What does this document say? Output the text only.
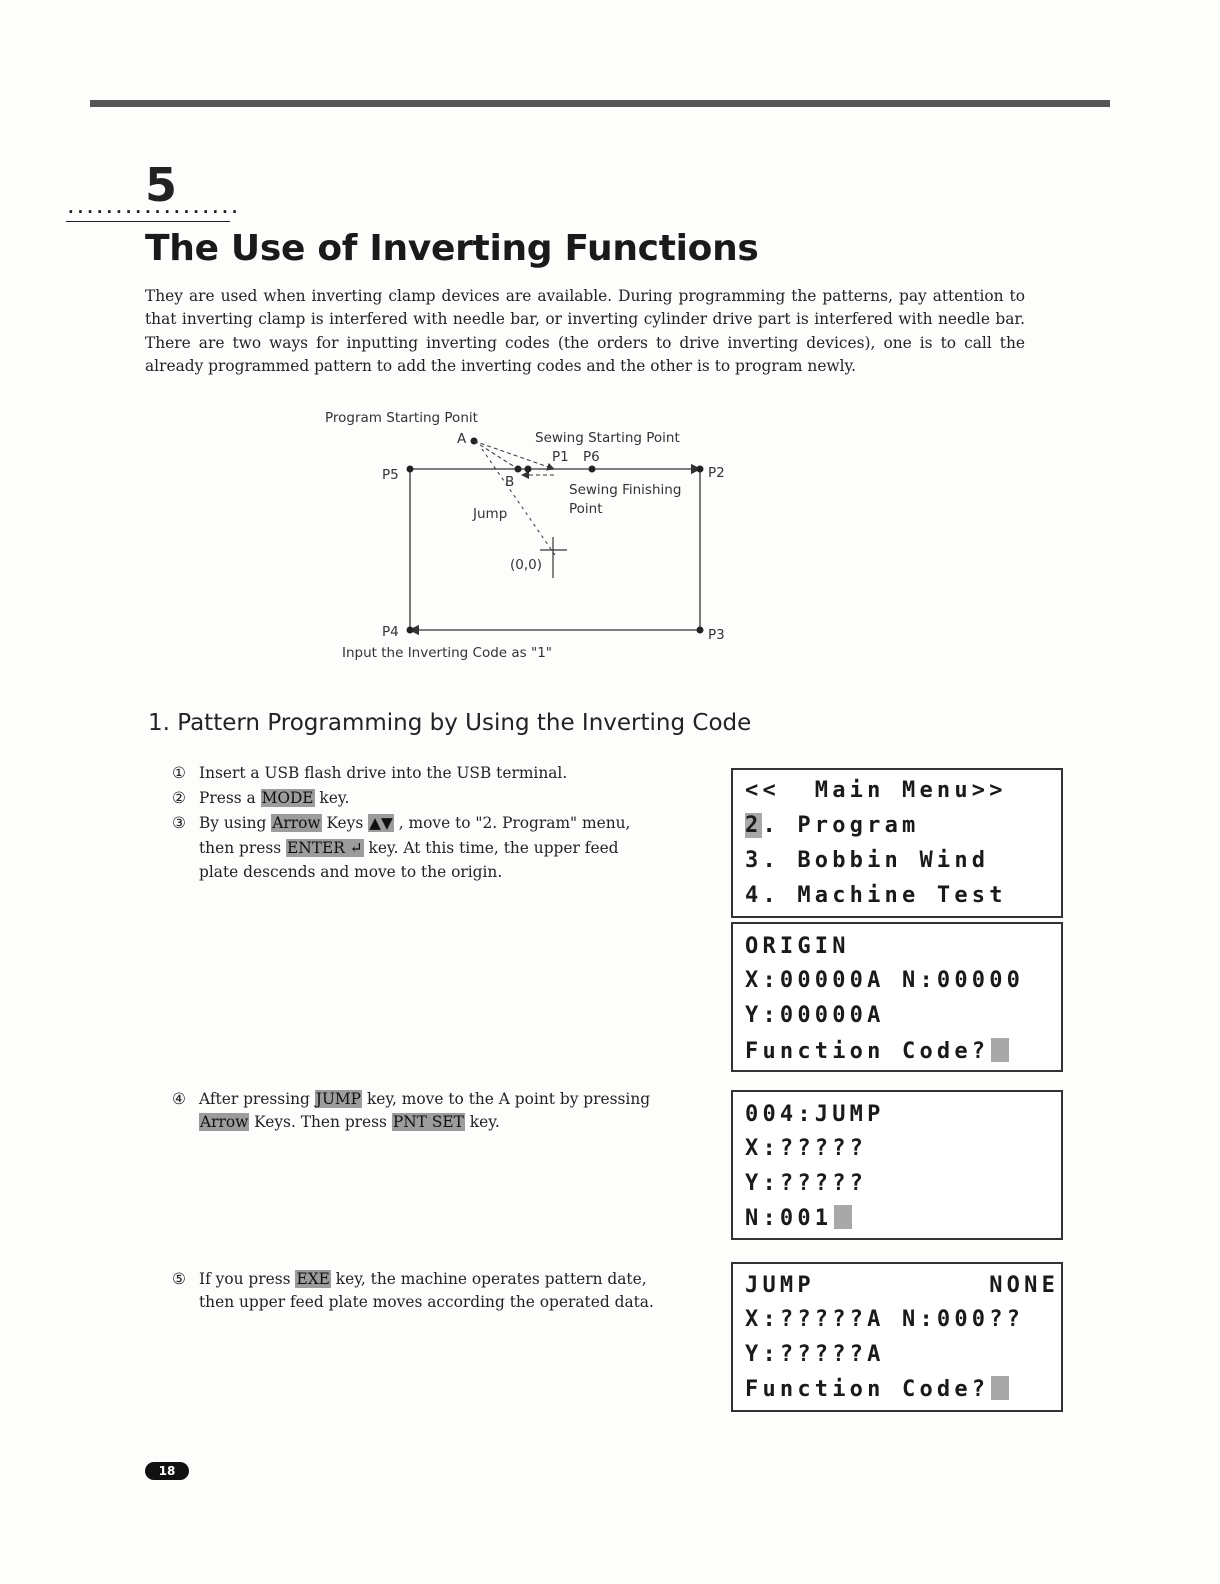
5
..................
The Use of Inverting Functions

They are used when inverting clamp devices are available. During programming the patterns, pay attention to that inverting clamp is interfered with needle bar, or inverting cylinder drive part is interfered with needle bar. There are two ways for inputting inverting codes (the orders to drive inverting devices), one is to call the already programmed pattern to add the inverting codes and the other is to program newly.

Program Starting Ponit
A	Sewing Starting Point
P1 P6
P5	P2
B	Sewing Finishing
Point
Jump
(0,0)
P4	P3
Input the Inverting Code as "1"
1. Pattern Programming by Using the Inverting Code
① Insert a USB flash drive into the USB terminal.
② Press a MODE key.
③ By using Arrow Keys ▲▼ , move to "2. Program" menu, then press ENTER ↵ key. At this time, the upper feed plate descends and move to the origin.
④ After pressing JUMP key, move to the A point by pressing Arrow Keys. Then press PNT SET key.
⑤ If you press EXE key, the machine operates pattern date, then upper feed plate moves according the operated data.
<<  Main Menu>>
2. Program
3. Bobbin Wind
4. Machine Test
ORIGIN
X:00000A N:00000
Y:00000A
Function Code?
004:JUMP
X:?????
Y:?????
N:001
JUMP          NONE
X:?????A N:000??
Y:?????A
Function Code?
18
